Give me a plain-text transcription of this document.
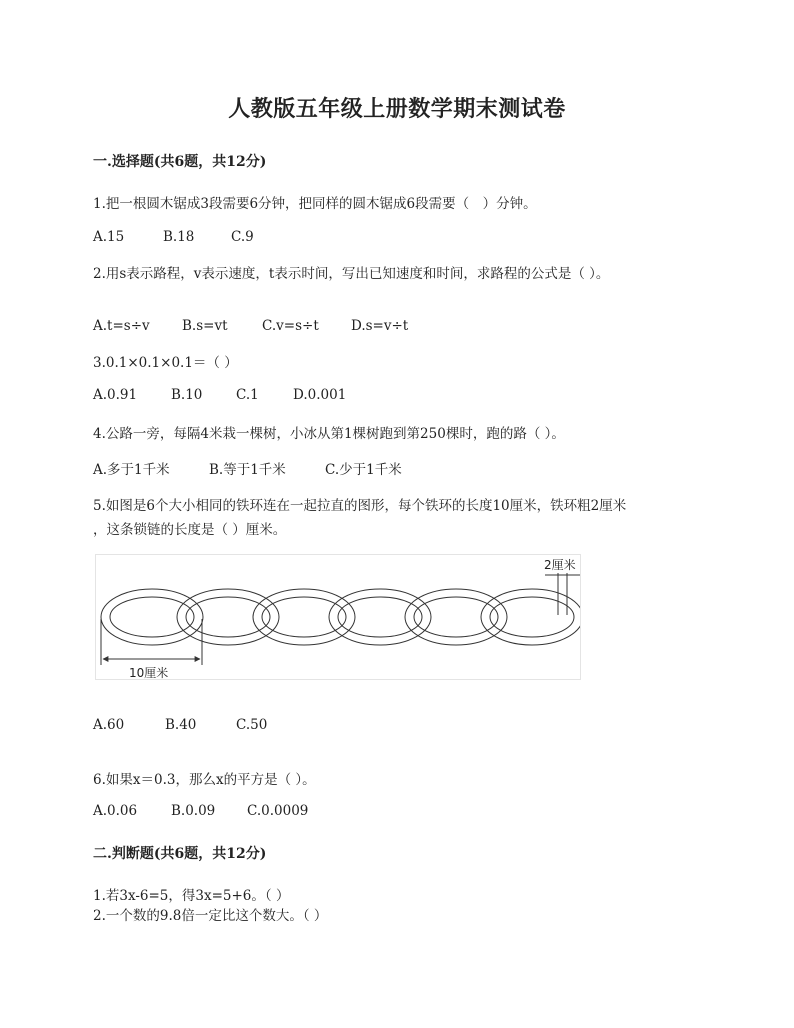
人教版五年级上册数学期末测试卷
一.选择题(共6题，共12分)
1.把一根圆木锯成3段需要6分钟，把同样的圆木锯成6段需要（　）分钟。
A.15	B.18	C.9
2.用s表示路程，v表示速度，t表示时间，写出已知速度和时间，求路程的公式是（ ）。
A.t=s÷v B.s=vt	C.v=s÷t D.s=v÷t
3.0.1×0.1×0.1＝（ ）
A.0.91	B.10 C.1	D.0.001
4.公路一旁，每隔4米栽一棵树，小冰从第1棵树跑到第250棵时，跑的路（ ）。
A.多于1千米	B.等于1千米	C.少于1千米
5.如图是6个大小相同的铁环连在一起拉直的图形，每个铁环的长度10厘米，铁环粗2厘米
，这条锁链的长度是（ ）厘米。
10厘米
2厘米
A.60	B.40	C.50
6.如果x＝0.3，那么x的平方是（ ）。
A.0.06	B.0.09 C.0.0009
二.判断题(共6题，共12分)
1.若3x-6=5，得3x=5+6。（ ）
2.一个数的9.8倍一定比这个数大。（ ）
